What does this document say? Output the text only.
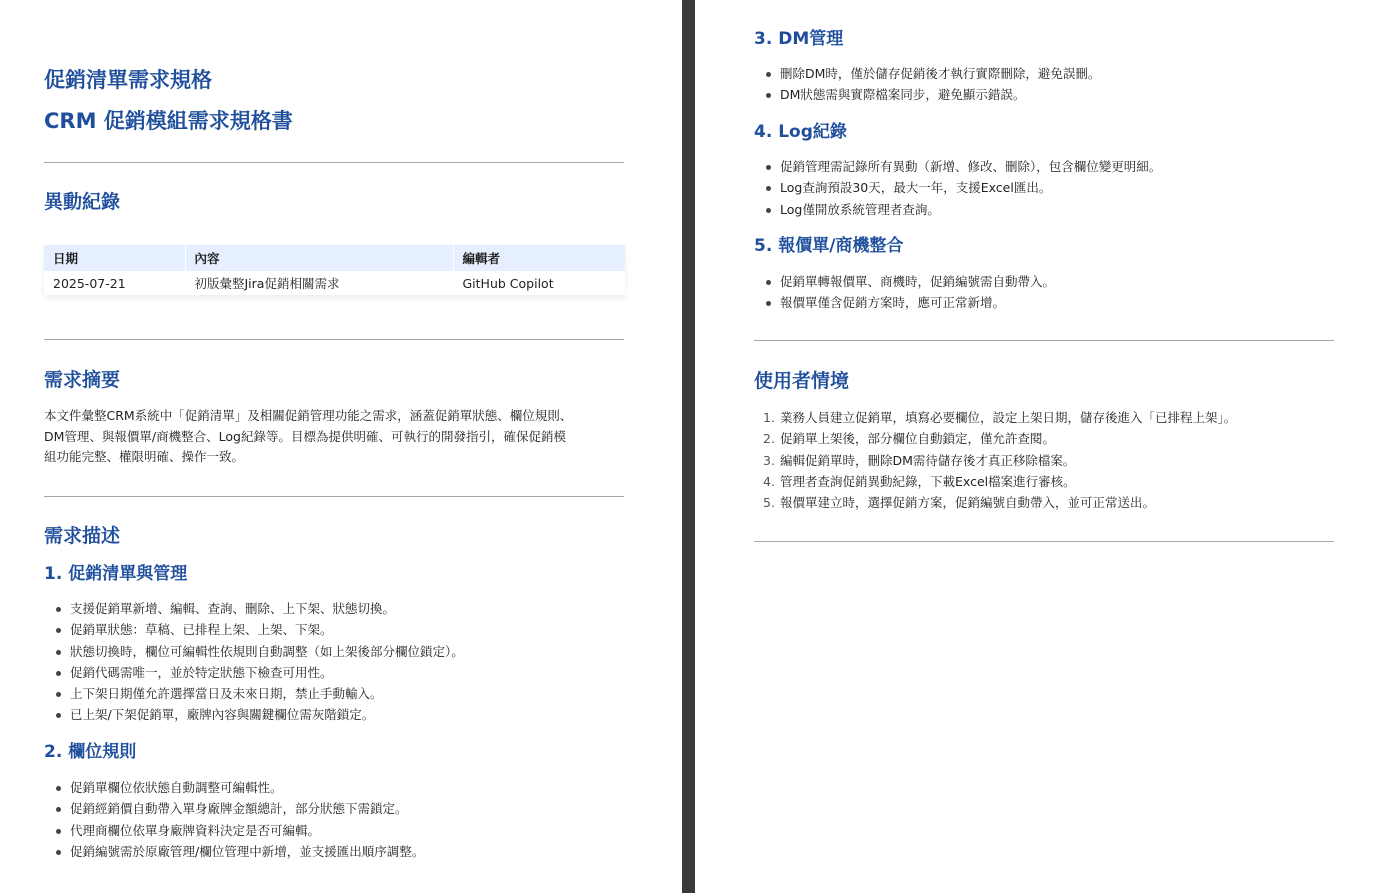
促銷清單需求規格
CRM 促銷模組需求規格書
異動紀錄
日期	內容	編輯者
2025-07-21	初版彙整Jira促銷相關需求	GitHub Copilot
需求摘要
本文件彙整CRM系統中「促銷清單」及相關促銷管理功能之需求，涵蓋促銷單狀態、欄位規則、
DM管理、與報價單/商機整合、Log紀錄等。目標為提供明確、可執行的開發指引，確保促銷模
組功能完整、權限明確、操作一致。
需求描述
1. 促銷清單與管理
支援促銷單新增、編輯、查詢、刪除、上下架、狀態切換。
促銷單狀態：草稿、已排程上架、上架、下架。
狀態切換時，欄位可編輯性依規則自動調整（如上架後部分欄位鎖定）。
促銷代碼需唯一，並於特定狀態下檢查可用性。
上下架日期僅允許選擇當日及未來日期，禁止手動輸入。
已上架/下架促銷單，廠牌內容與關鍵欄位需灰階鎖定。
2. 欄位規則
促銷單欄位依狀態自動調整可編輯性。
促銷經銷價自動帶入單身廠牌金額總計，部分狀態下需鎖定。
代理商欄位依單身廠牌資料決定是否可編輯。
促銷編號需於原廠管理/欄位管理中新增，並支援匯出順序調整。
3. DM管理
刪除DM時，僅於儲存促銷後才執行實際刪除，避免誤刪。
DM狀態需與實際檔案同步，避免顯示錯誤。
4. Log紀錄
促銷管理需記錄所有異動（新增、修改、刪除），包含欄位變更明細。
Log查詢預設30天，最大一年，支援Excel匯出。
Log僅開放系統管理者查詢。
5. 報價單/商機整合
促銷單轉報價單、商機時，促銷編號需自動帶入。
報價單僅含促銷方案時，應可正常新增。
使用者情境
1. 業務人員建立促銷單，填寫必要欄位，設定上架日期，儲存後進入「已排程上架」。
2. 促銷單上架後，部分欄位自動鎖定，僅允許查閱。
3. 編輯促銷單時，刪除DM需待儲存後才真正移除檔案。
4. 管理者查詢促銷異動紀錄，下載Excel檔案進行審核。
5. 報價單建立時，選擇促銷方案，促銷編號自動帶入，並可正常送出。
